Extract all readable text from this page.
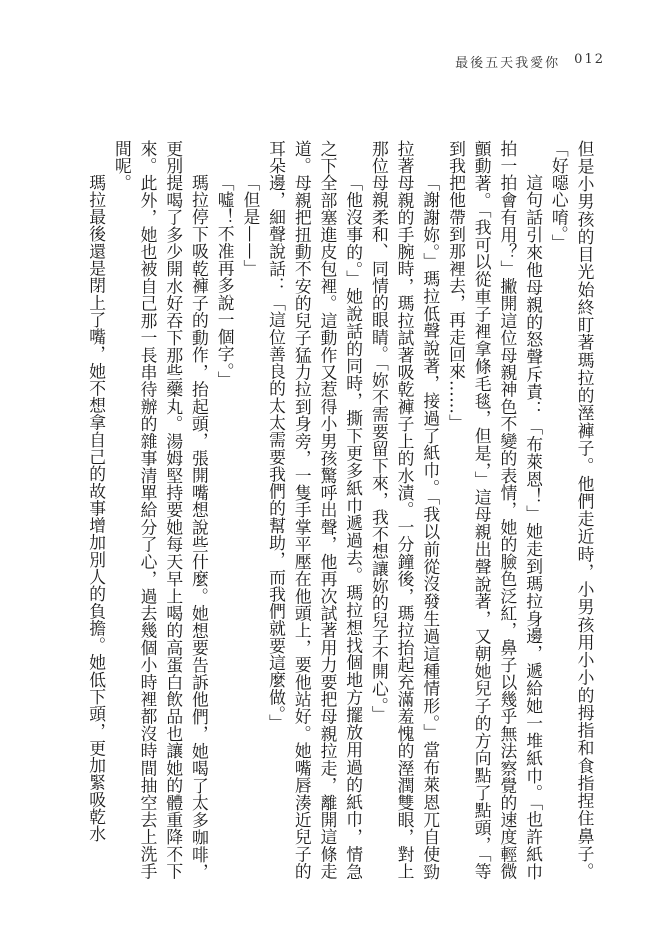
最後五天我愛你 012

但是小男孩的目光始終盯著瑪拉的溼褲子。他們走近時，小男孩用小小的拇指和食指捏住鼻子。「好噁心唷。」

這句話引來他母親的怒聲斥責：「布萊恩！」她走到瑪拉身邊，遞給她一堆紙巾。「也許紙巾拍一拍會有用？」撇開這位母親神色不變的表情，她的臉色泛紅，鼻子以幾乎無法察覺的速度輕微顫動著。「我可以從車子裡拿條毛毯，但是，」這母親出聲說著，又朝她兒子的方向點了點頭，「等到我把他帶到那裡去，再走回來……」

「謝謝妳。」瑪拉低聲說著，接過了紙巾。「我以前從沒發生過這種情形。」當布萊恩兀自使勁拉著母親的手腕時，瑪拉試著吸乾褲子上的水漬。一分鐘後，瑪拉抬起充滿羞愧的溼潤雙眼，對上那位母親柔和、同情的眼睛。「妳不需要留下來，我不想讓妳的兒子不開心。」

「他沒事的。」她說話的同時，撕下更多紙巾遞過去。瑪拉想找個地方擺放用過的紙巾，情急之下全部塞進皮包裡。這動作又惹得小男孩驚呼出聲，他再次試著用力要把母親拉走，離開這條走道。母親把扭動不安的兒子猛力拉到身旁，一隻手掌平壓在他頭上，要他站好。她嘴唇湊近兒子的耳朵邊，細聲說話：「這位善良的太太需要我們的幫助，而我們就要這麼做。」

「但是——」

「噓！不准再多說一個字。」

瑪拉停下吸乾褲子的動作，抬起頭，張開嘴想說些什麼。她想要告訴他們，她喝了太多咖啡，更別提喝了多少開水好吞下那些藥丸。湯姆堅持要她每天早上喝的高蛋白飲品也讓她的體重降不下來。此外，她也被自己那一長串待辦的雜事清單給分了心，過去幾個小時裡都沒時間抽空去上洗手間呢。

瑪拉最後還是閉上了嘴，她不想拿自己的故事增加別人的負擔。她低下頭，更加緊吸乾水
